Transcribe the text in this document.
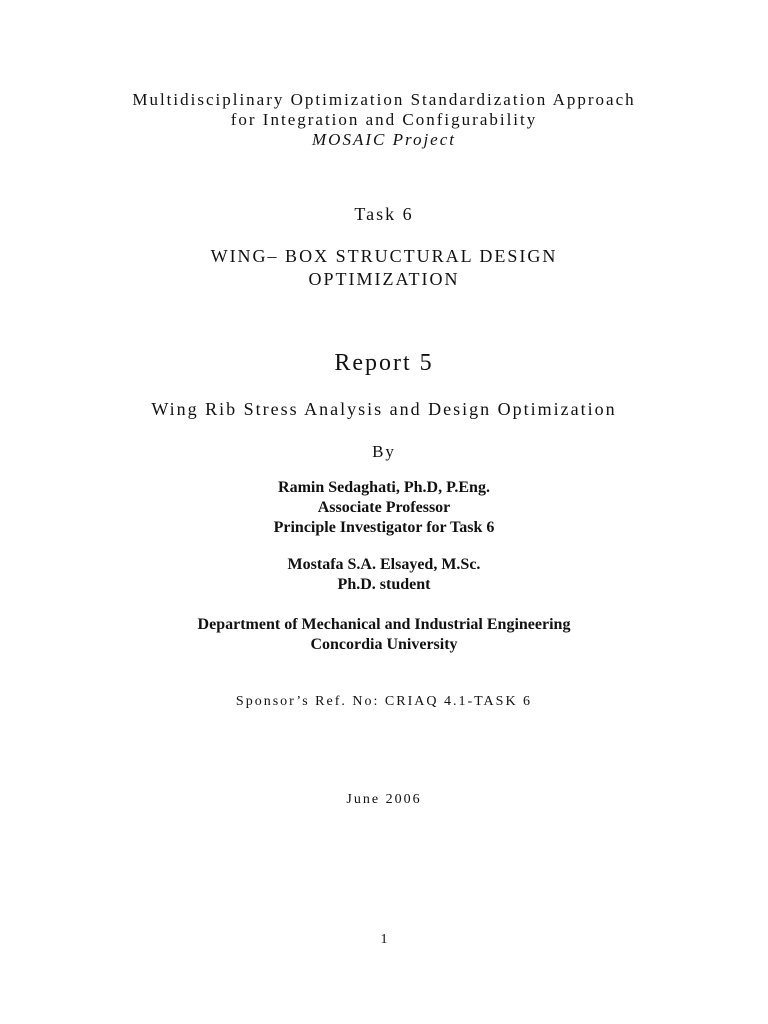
Multidisciplinary Optimization Standardization Approach
for Integration and Configurability
MOSAIC Project
Task 6
WING– BOX STRUCTURAL DESIGN
OPTIMIZATION
Report 5
Wing Rib Stress Analysis and Design Optimization
By
Ramin Sedaghati, Ph.D, P.Eng.
Associate Professor
Principle Investigator for Task 6
Mostafa S.A. Elsayed, M.Sc.
Ph.D. student
Department of Mechanical and Industrial Engineering
Concordia University
Sponsor’s Ref. No: CRIAQ 4.1-TASK 6
June 2006
1
